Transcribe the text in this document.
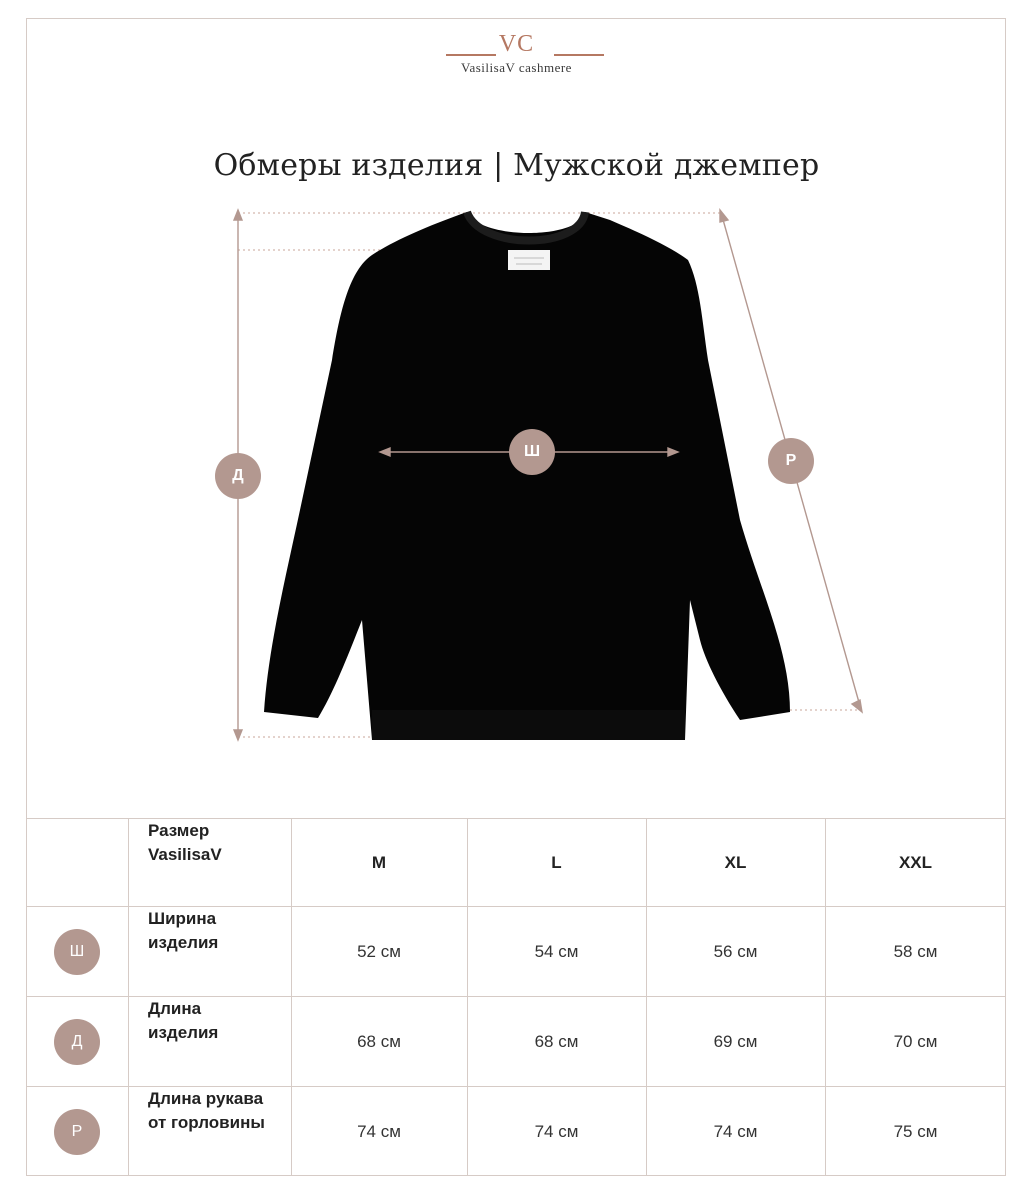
VC
VasilisaV cashmere
Обмеры изделия | Мужской джемпер
Д
Ш
Р
Размер
VasilisaV	M	L	XL	XXL
Ш
Ширина
изделия	52 см	54 см	56 см	58 см
Д
Длина
изделия	68 см	68 см	69 см	70 см
Р
Длина рукава
от горловины	74 см	74 см	74 см	75 см
